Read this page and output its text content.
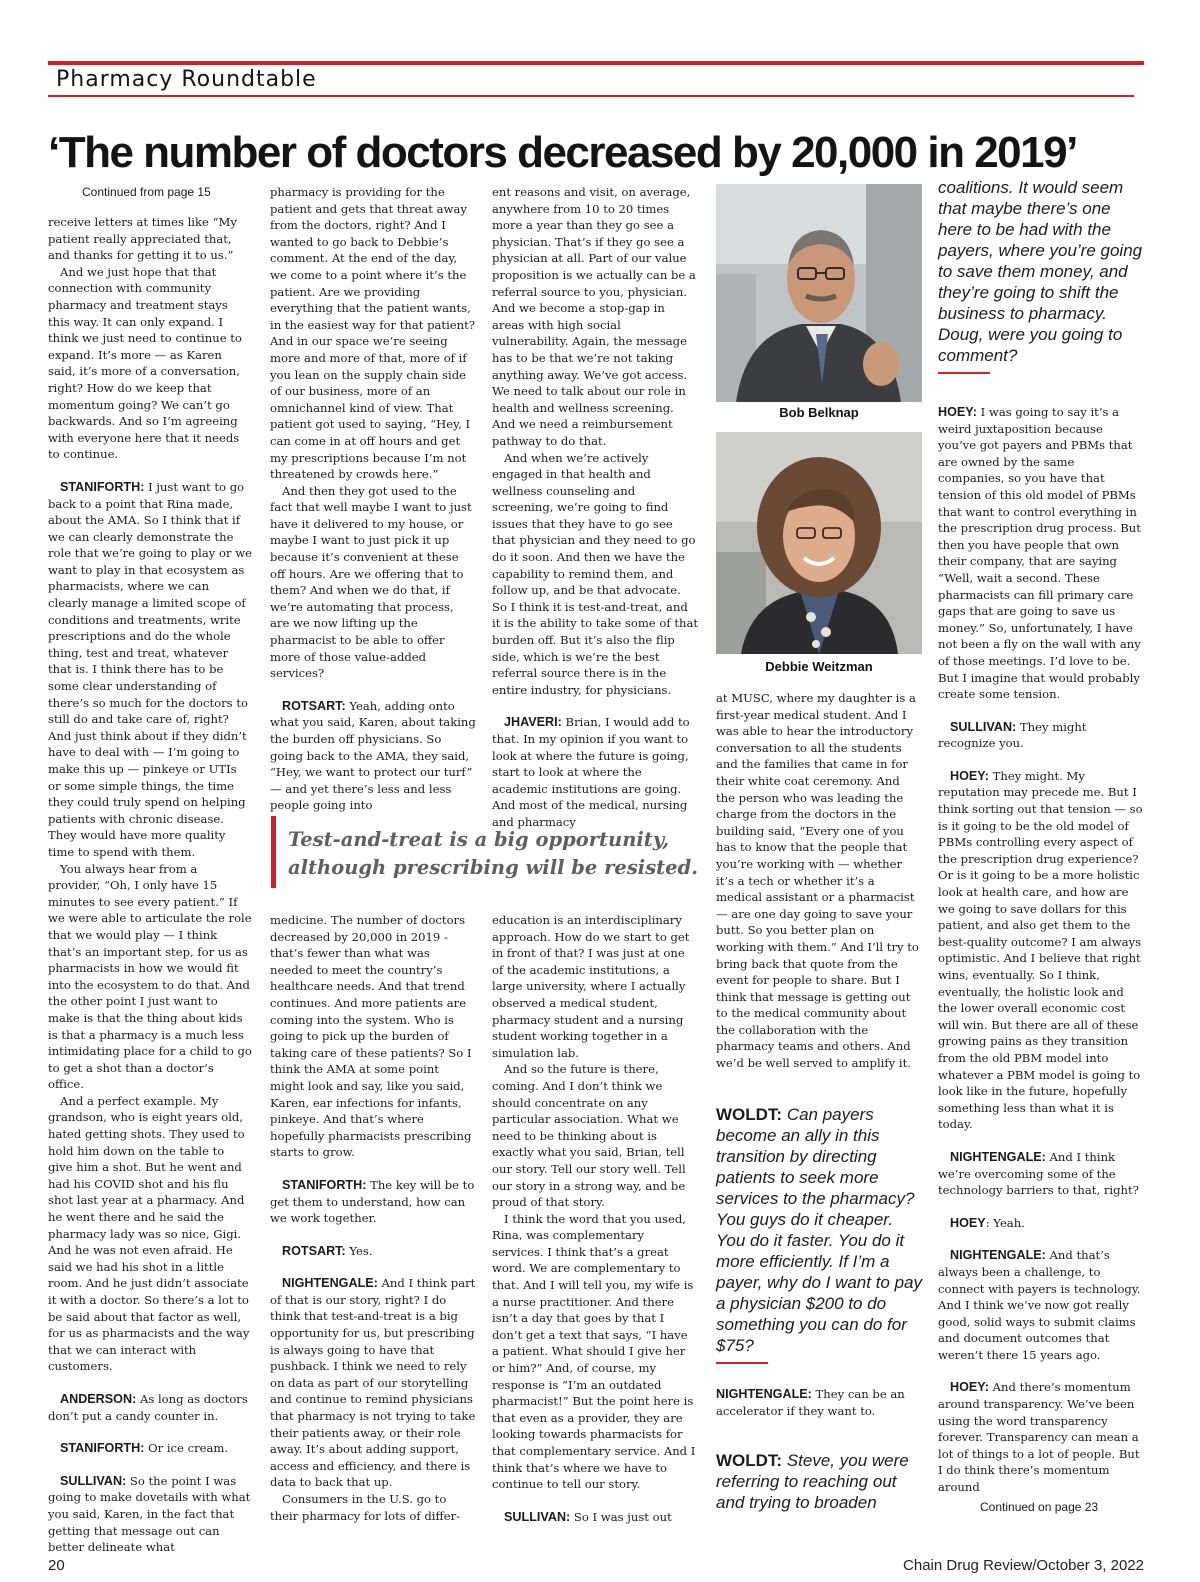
Pharmacy Roundtable
‘The number of doctors decreased by 20,000 in 2019’
Continued from page 15

receive letters at times like “My patient really appreciated that, and thanks for getting it to us.”

And we just hope that that connection with community pharmacy and treatment stays this way. It can only expand. I think we just need to continue to expand. It’s more — as Karen said, it’s more of a conversation, right? How do we keep that momentum going? We can’t go backwards. And so I’m agreeing with everyone here that it needs to continue.

STANIFORTH: I just want to go back to a point that Rina made, about the AMA. So I think that if we can clearly demonstrate the role that we’re going to play or we want to play in that ecosystem as pharmacists, where we can clearly manage a limited scope of conditions and treatments, write prescriptions and do the whole thing, test and treat, whatever that is. I think there has to be some clear understanding of there’s so much for the doctors to still do and take care of, right? And just think about if they didn’t have to deal with — I’m going to make this up — pinkeye or UTIs or some simple things, the time they could truly spend on helping patients with chronic disease. They would have more quality time to spend with them.

You always hear from a provider, “Oh, I only have 15 minutes to see every patient.” If we were able to articulate the role that we would play — I think that’s an important step, for us as pharmacists in how we would fit into the ecosystem to do that. And the other point I just want to make is that the thing about kids is that a pharmacy is a much less intimidating place for a child to go to get a shot than a doctor’s office.

And a perfect example. My grandson, who is eight years old, hated getting shots. They used to hold him down on the table to give him a shot. But he went and had his COVID shot and his flu shot last year at a pharmacy. And he went there and he said the pharmacy lady was so nice, Gigi. And he was not even afraid. He said we had his shot in a little room. And he just didn’t associate it with a doctor. So there’s a lot to be said about that factor as well, for us as pharmacists and the way that we can interact with customers.

ANDERSON: As long as doctors don’t put a candy counter in.

STANIFORTH: Or ice cream.

SULLIVAN: So the point I was going to make dovetails with what you said, Karen, in the fact that getting that message out can better delineate what

pharmacy is providing for the patient and gets that threat away from the doctors, right? And I wanted to go back to Debbie’s comment. At the end of the day, we come to a point where it’s the patient. Are we providing everything that the patient wants, in the easiest way for that patient? And in our space we’re seeing more and more of that, more of if you lean on the supply chain side of our business, more of an omnichannel kind of view. That patient got used to saying, “Hey, I can come in at off hours and get my prescriptions because I’m not threatened by crowds here.”

And then they got used to the fact that well maybe I want to just have it delivered to my house, or maybe I want to just pick it up because it’s convenient at these off hours. Are we offering that to them? And when we do that, if we’re automating that process, are we now lifting up the pharmacist to be able to offer more of those value-added services?

ROTSART: Yeah, adding onto what you said, Karen, about taking the burden off physicians. So going back to the AMA, they said, “Hey, we want to protect our turf” — and yet there’s less and less people going into

ent reasons and visit, on average, anywhere from 10 to 20 times more a year than they go see a physician. That’s if they go see a physician at all. Part of our value proposition is we actually can be a referral source to you, physician. And we become a stop-gap in areas with high social vulnerability. Again, the message has to be that we’re not taking anything away. We’ve got access. We need to talk about our role in health and wellness screening. And we need a reimbursement pathway to do that.

And when we’re actively engaged in that health and wellness counseling and screening, we’re going to find issues that they have to go see that physician and they need to go do it soon. And then we have the capability to remind them, and follow up, and be that advocate. So I think it is test-and-treat, and it is the ability to take some of that burden off. But it’s also the flip side, which is we’re the best referral source there is in the entire industry, for physicians.

JHAVERI: Brian, I would add to that. In my opinion if you want to look at where the future is going, start to look at where the academic institutions are going. And most of the medical, nursing and pharmacy

Test-and-treat is a big opportunity, although prescribing will be resisted.

medicine. The number of doctors decreased by 20,000 in 2019 - that’s fewer than what was needed to meet the country’s healthcare needs. And that trend continues. And more patients are coming into the system. Who is going to pick up the burden of taking care of these patients? So I think the AMA at some point might look and say, like you said, Karen, ear infections for infants, pinkeye. And that’s where hopefully pharmacists prescribing starts to grow.

STANIFORTH: The key will be to get them to understand, how can we work together.

ROTSART: Yes.

NIGHTENGALE: And I think part of that is our story, right? I do think that test-and-treat is a big opportunity for us, but prescribing is always going to have that pushback. I think we need to rely on data as part of our storytelling and continue to remind physicians that pharmacy is not trying to take their patients away, or their role away. It’s about adding support, access and efficiency, and there is data to back that up.

Consumers in the U.S. go to their pharmacy for lots of differ-

education is an interdisciplinary approach. How do we start to get in front of that? I was just at one of the academic institutions, a large university, where I actually observed a medical student, pharmacy student and a nursing student working together in a simulation lab.

And so the future is there, coming. And I don’t think we should concentrate on any particular association. What we need to be thinking about is exactly what you said, Brian, tell our story. Tell our story well. Tell our story in a strong way, and be proud of that story.

I think the word that you used, Rina, was complementary services. I think that’s a great word. We are complementary to that. And I will tell you, my wife is a nurse practitioner. And there isn’t a day that goes by that I don’t get a text that says, “I have a patient. What should I give her or him?” And, of course, my response is “I’m an outdated pharmacist!” But the point here is that even as a provider, they are looking towards pharmacists for that complementary service. And I think that’s where we have to continue to tell our story.

SULLIVAN: So I was just out

Bob Belknap
Debbie Weitzman

at MUSC, where my daughter is a first-year medical student. And I was able to hear the introductory conversation to all the students and the families that came in for their white coat ceremony. And the person who was leading the charge from the doctors in the building said, “Every one of you has to know that the people that you’re working with — whether it’s a tech or whether it’s a medical assistant or a pharmacist — are one day going to save your butt. So you better plan on working with them.” And I’ll try to bring back that quote from the event for people to share. But I think that message is getting out to the medical community about the collaboration with the pharmacy teams and others. And we’d be well served to amplify it.

WOLDT: Can payers become an ally in this transition by directing patients to seek more services to the pharmacy? You guys do it cheaper. You do it faster. You do it more efficiently. If I’m a payer, why do I want to pay a physician $200 to do something you can do for $75?

NIGHTENGALE: They can be an accelerator if they want to.

WOLDT: Steve, you were referring to reaching out and trying to broaden
coalitions. It would seem that maybe there’s one here to be had with the payers, where you’re going to save them money, and they’re going to shift the business to pharmacy. Doug, were you going to comment?

HOEY: I was going to say it’s a weird juxtaposition because you’ve got payers and PBMs that are owned by the same companies, so you have that tension of this old model of PBMs that want to control everything in the prescription drug process. But then you have people that own their company, that are saying “Well, wait a second. These pharmacists can fill primary care gaps that are going to save us money.” So, unfortunately, I have not been a fly on the wall with any of those meetings. I’d love to be. But I imagine that would probably create some tension.

SULLIVAN: They might recognize you.

HOEY: They might. My reputation may precede me. But I think sorting out that tension — so is it going to be the old model of PBMs controlling every aspect of the prescription drug experience? Or is it going to be a more holistic look at health care, and how are we going to save dollars for this patient, and also get them to the best-quality outcome? I am always optimistic. And I believe that right wins, eventually. So I think, eventually, the holistic look and the lower overall economic cost will win. But there are all of these growing pains as they transition from the old PBM model into whatever a PBM model is going to look like in the future, hopefully something less than what it is today.

NIGHTENGALE: And I think we’re overcoming some of the technology barriers to that, right?

HOEY: Yeah.

NIGHTENGALE: And that’s always been a challenge, to connect with payers is technology. And I think we’ve now got really good, solid ways to submit claims and document outcomes that weren’t there 15 years ago.

HOEY: And there’s momentum around transparency. We’ve been using the word transparency forever. Transparency can mean a lot of things to a lot of people. But I do think there’s momentum around

Continued on page 23
20	Chain Drug Review/October 3, 2022
